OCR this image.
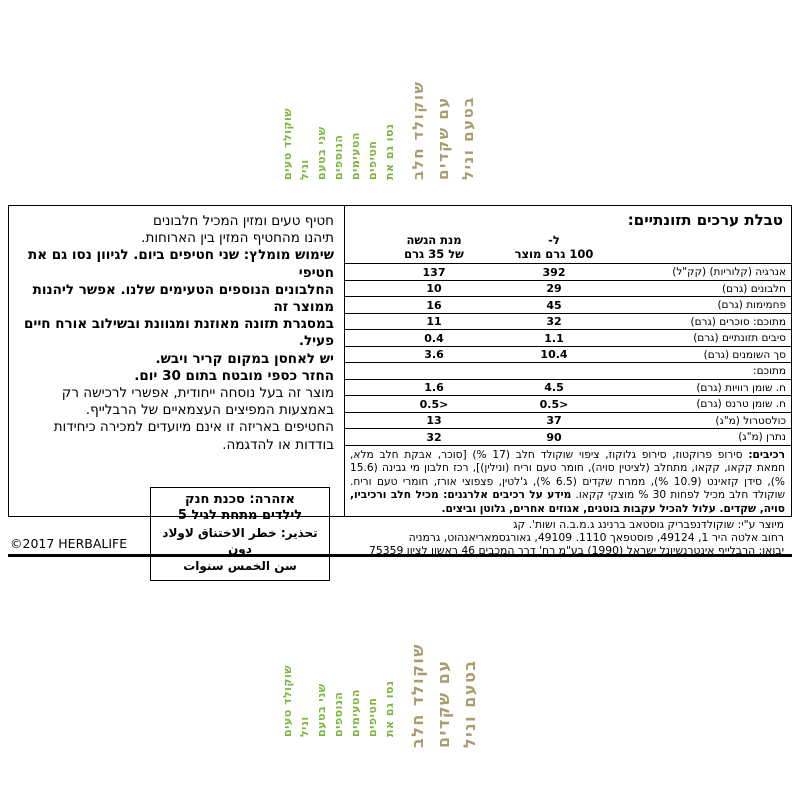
שוקולד טעים וניל שני בטעם הנוספים הטעימים חטיפים נסו גם את שוקולד חלב עם שקדים בטעם וניל
טבלת ערכים תזונתיים:
ל-
100 גרם מוצר
מנת הגשה
של 35 גרם
אנרגיה (קלוריות) (קק"ל)
392
137
חלבונים (גרם)
29
10
פחמימות (גרם)
45
16
מתוכם: סוכרים (גרם)
32
11
סיבים תזונתיים (גרם)
1.1
0.4
סך השומנים (גרם)
10.4
3.6
מתוכם:
ח. שומן רוויות (גרם)
4.5
1.6
ח. שומן טרנס (גרם)
0.5>
0.5>
כולסטרול (מ"ג)
37
13
נתרן (מ"ג)
90
32
רכיבים: סירופ פרוקטוז, סירופ גלוקוז, ציפוי שוקולד חלב (17 %) [סוכר, אבקת חלב מלא, חמאת קקאו, קקאו, מתחלב (לציטין סויה), חומר טעם וריח (ונילין)], רכז חלבון מי גבינה (15.6 %), סידן קזאינט (10.9 %), ממרח שקדים (6.5 %), ג'לטין, פצפוצי אורז, חומרי טעם וריח. שוקולד חלב מכיל לפחות 30 % מוצקי קקאו. מידע על רכיבים אלרגנים: מכיל חלב ורכיביו, סויה, שקדים. עלול להכיל עקבות בוטנים, אגוזים אחרים, גלוטן וביצים.
חטיף טעים ומזין המכיל חלבונים
תיהנו מהחטיף המזין בין הארוחות.
שימוש מומלץ: שני חטיפים ביום. לגיוון נסו גם את חטיפי
החלבונים הנוספים הטעימים שלנו. אפשר ליהנות ממוצר זה
במסגרת תזונה מאוזנת ומגוונת ובשילוב אורח חיים פעיל.
יש לאחסן במקום קריר ויבש.
החזר כספי מובטח בתום 30 יום.
מוצר זה בעל נוסחה ייחודית, אפשרי לרכישה רק
באמצעות המפיצים העצמאיים של הרבלייף.
החטיפים באריזה זו אינם מיועדים למכירה כיחידות
בודדות או להדגמה.
אזהרה: סכנת חנק
לילדים מתחת לגיל 5
تحذير: خطر الاختناق لاولاد دون
سن الخمس سنوات
מיוצר ע"י: שוקולדנפבריק גוסטאב ברנינג ג.מ.ב.ה ושות'. קג
רחוב אלטה היר 1, 49124, פוסטפאך 1110. 49109, גאורגסמאריאנהוט, גרמניה
יבואן: הרבלייף אינטרנשיונל ישראל (1990) בע"מ רח' דרך המכבים 46 ראשון לציון 75359
©2017 HERBALIFE
שוקולד טעים וניל שני בטעם הנוספים הטעימים חטיפים נסו גם את שוקולד חלב עם שקדים בטעם וניל
